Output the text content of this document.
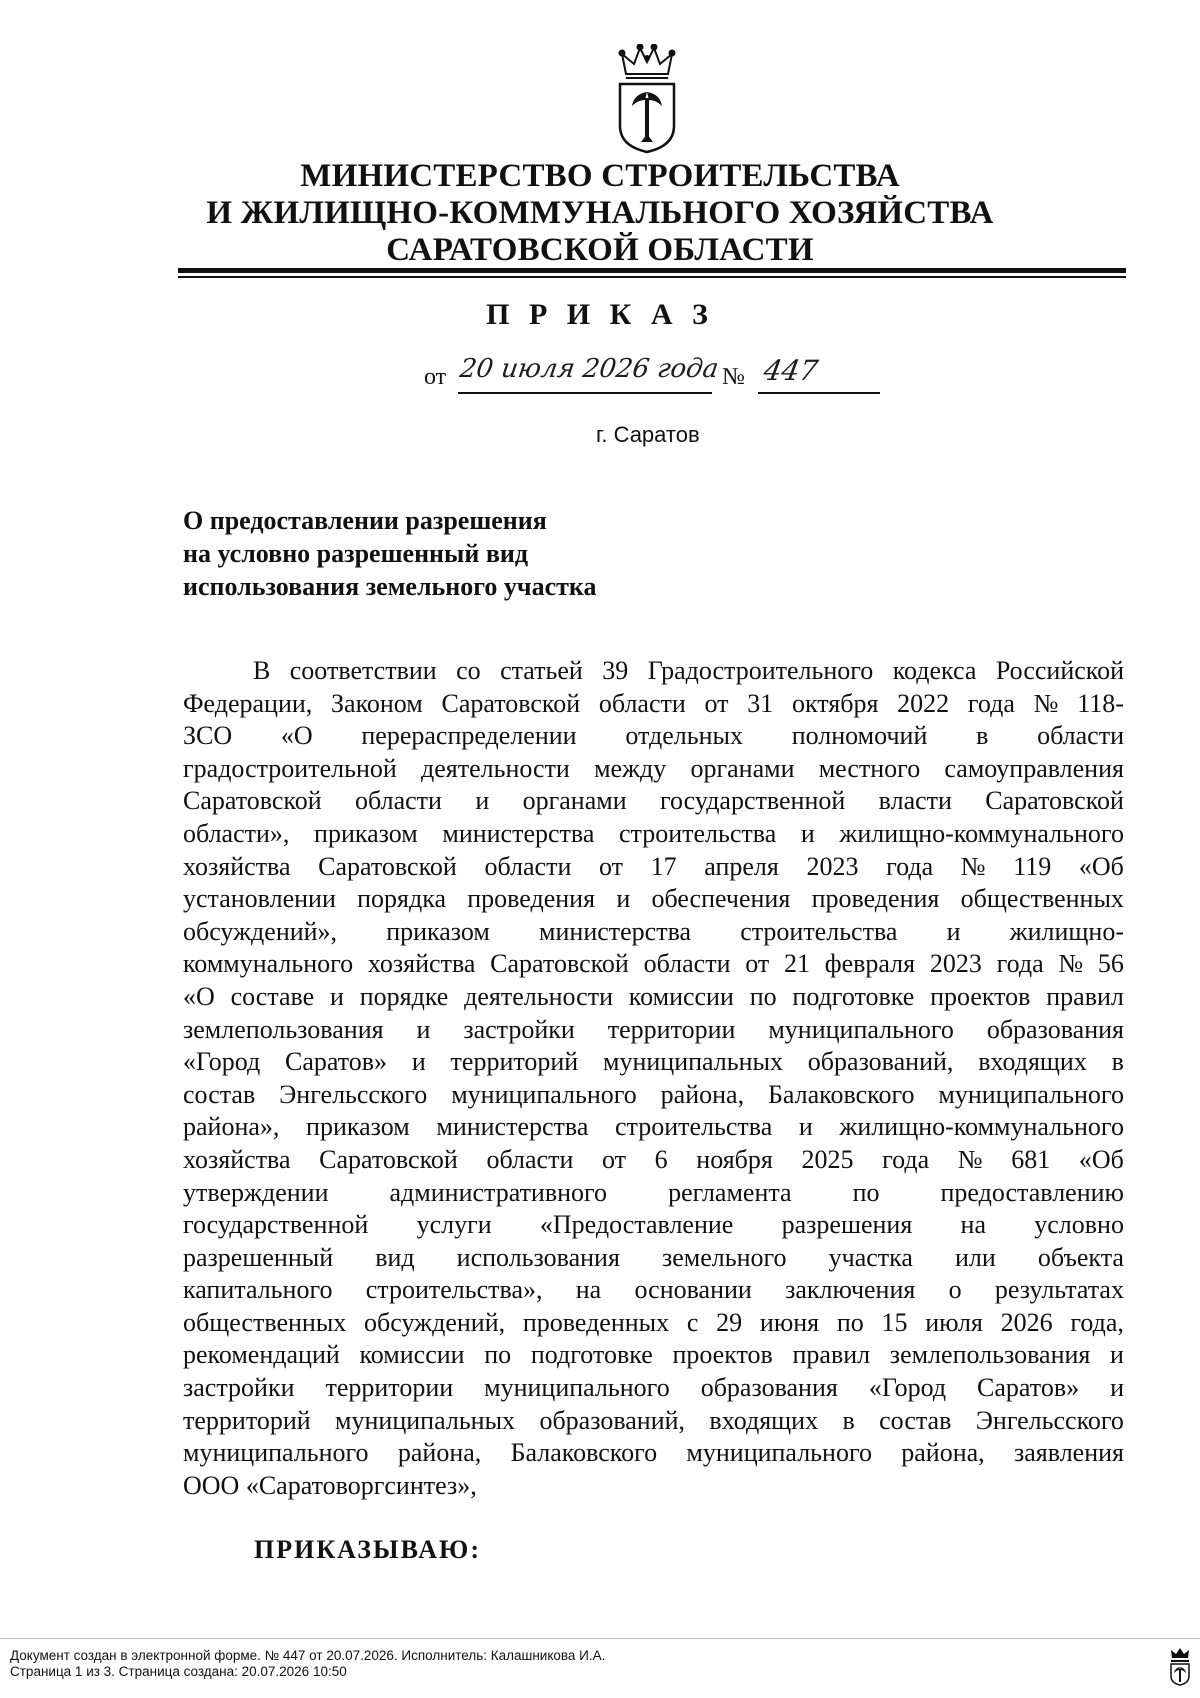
МИНИСТЕРСТВО СТРОИТЕЛЬСТВА
И ЖИЛИЩНО-КОММУНАЛЬНОГО ХОЗЯЙСТВА
САРАТОВСКОЙ ОБЛАСТИ
П Р И К А З
от 20 июля 2026 года № 447
г. Саратов
О предоставлении разрешения
на условно разрешенный вид
использования земельного участка
В соответствии со статьей 39 Градостроительного кодекса Российской
Федерации, Законом Саратовской области от 31 октября 2022 года № 118-
ЗСО «О перераспределении отдельных полномочий в области
градостроительной деятельности между органами местного самоуправления
Саратовской области и органами государственной власти Саратовской
области», приказом министерства строительства и жилищно-коммунального
хозяйства Саратовской области от 17 апреля 2023 года № 119 «Об
установлении порядка проведения и обеспечения проведения общественных
обсуждений», приказом министерства строительства и жилищно-
коммунального хозяйства Саратовской области от 21 февраля 2023 года № 56
«О составе и порядке деятельности комиссии по подготовке проектов правил
землепользования и застройки территории муниципального образования
«Город Саратов» и территорий муниципальных образований, входящих в
состав Энгельсского муниципального района, Балаковского муниципального
района», приказом министерства строительства и жилищно-коммунального
хозяйства Саратовской области от 6 ноября 2025 года № 681 «Об
утверждении административного регламента по предоставлению
государственной услуги «Предоставление разрешения на условно
разрешенный вид использования земельного участка или объекта
капитального строительства», на основании заключения о результатах
общественных обсуждений, проведенных с 29 июня по 15 июля 2026 года,
рекомендаций комиссии по подготовке проектов правил землепользования и
застройки территории муниципального образования «Город Саратов» и
территорий муниципальных образований, входящих в состав Энгельсского
муниципального района, Балаковского муниципального района, заявления
ООО «Саратоворгсинтез»,
ПРИКАЗЫВАЮ:
Документ создан в электронной форме. № 447 от 20.07.2026. Исполнитель: Калашникова И.А.
Страница 1 из 3. Страница создана: 20.07.2026 10:50
